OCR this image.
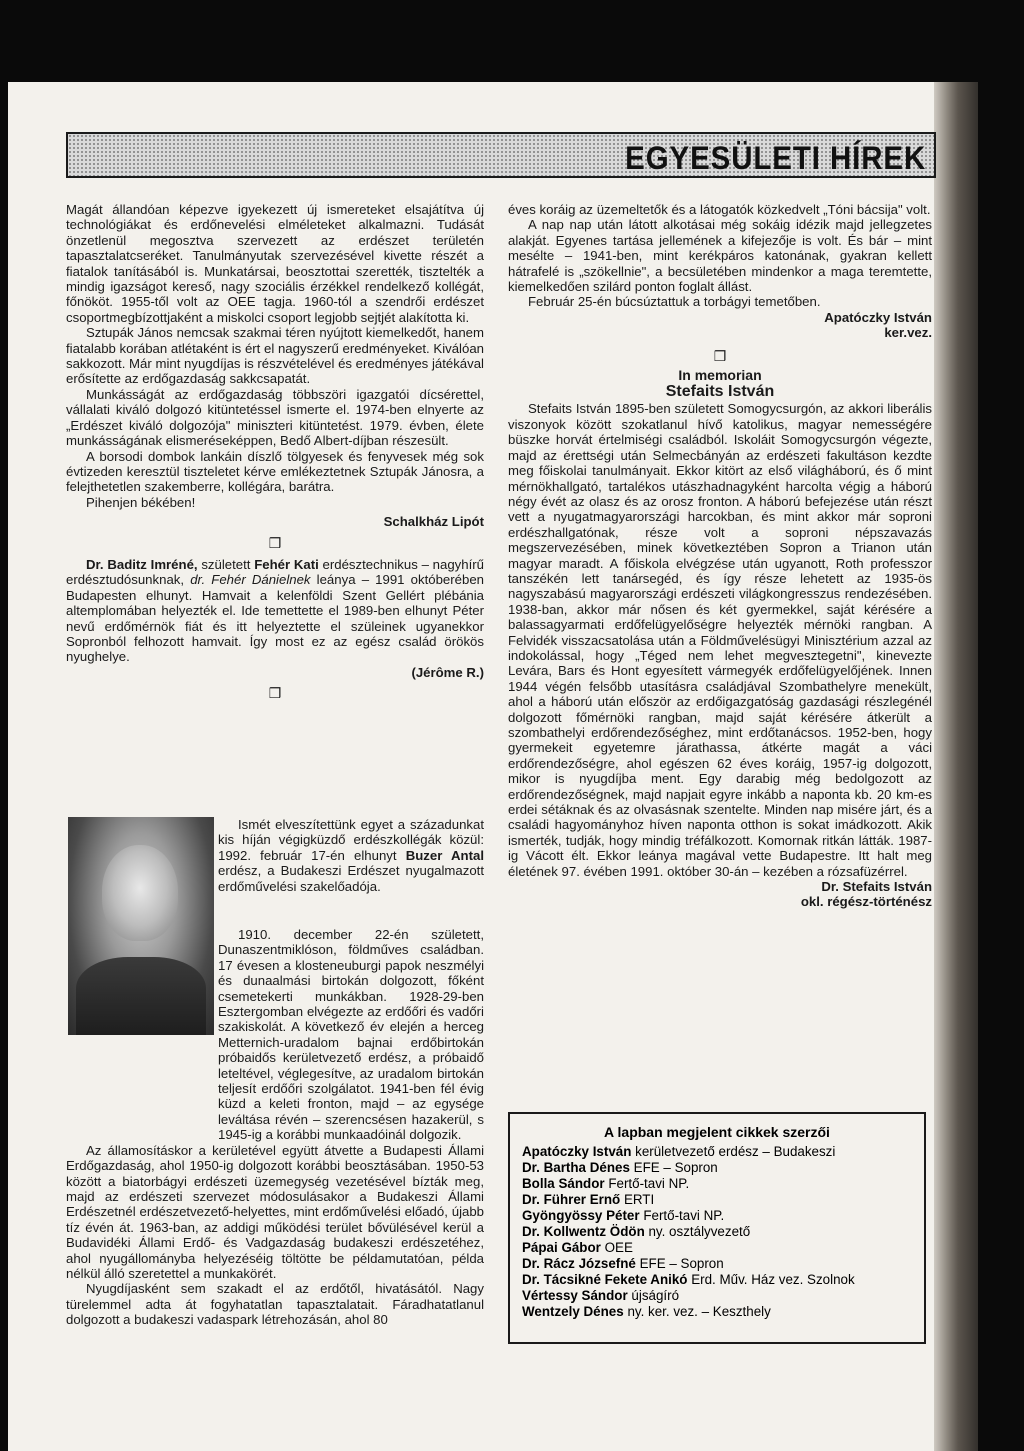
EGYESÜLETI HÍREK

Magát állandóan képezve igyekezett új ismereteket elsajátítva új technológiákat és erdőnevelési elméleteket alkalmazni. Tudását önzetlenül megosztva szervezett az erdészet területén tapasztalatcseréket. Tanulmányutak szervezésével kivette részét a fiatalok tanításából is. Munkatársai, beosztottai szerették, tisztelték a mindig igazságot kereső, nagy szociális érzékkel rendelkező kollégát, főnököt. 1955-től volt az OEE tagja. 1960-tól a szendrői erdészet csoportmegbízottjaként a miskolci csoport legjobb sejtjét alakította ki.

Sztupák János nemcsak szakmai téren nyújtott kiemelkedőt, hanem fiatalabb korában atlétaként is ért el nagyszerű eredményeket. Kiválóan sakkozott. Már mint nyugdíjas is részvételével és eredményes játékával erősítette az erdőgazdaság sakkcsapatát.

Munkásságát az erdőgazdaság többszöri igazgatói dícsérettel, vállalati kiváló dolgozó kitüntetéssel ismerte el. 1974-ben elnyerte az „Erdészet kiváló dolgozója" miniszteri kitüntetést. 1979. évben, élete munkásságának elismeréseképpen, Bedő Albert-díjban részesült.

A borsodi dombok lankáin díszlő tölgyesek és fenyvesek még sok évtizeden keresztül tiszteletet kérve emlékeztetnek Sztupák Jánosra, a felejthetetlen szakemberre, kollégára, barátra.

Pihenjen békében!

Schalkház Lipót

❒

Dr. Baditz Imréné, született Fehér Kati erdésztechnikus – nagyhírű erdésztudósunknak, dr. Fehér Dánielnek leánya – 1991 októberében Budapesten elhunyt. Hamvait a kelenföldi Szent Gellért plébánia altemplomában helyezték el. Ide temettette el 1989-ben elhunyt Péter nevű erdőmérnök fiát és itt helyeztette el szüleinek ugyanekkor Sopronból felhozott hamvait. Így most ez az egész család örökös nyughelye.

(Jérôme R.)

❒

Ismét elveszítettünk egyet a századunkat kis híján végigküzdő erdészkollégák közül: 1992. február 17-én elhunyt Buzer Antal erdész, a Budakeszi Erdészet nyugalmazott erdőművelési szakelőadója.

1910. december 22-én született, Dunaszentmiklóson, földműves családban. 17 évesen a klosteneuburgi papok neszmélyi és dunaalmási birtokán dolgozott, főként csemetekerti munkákban. 1928-29-ben Esztergomban elvégezte az erdőőri és vadőri szakiskolát. A következő év elején a herceg Metternich-uradalom bajnai erdőbirtokán próbaidős kerületvezető erdész, a próbaidő leteltével, véglegesítve, az uradalom birtokán teljesít erdőőri szolgálatot. 1941-ben fél évig küzd a keleti fronton, majd – az egysége leváltása révén – szerencsésen hazakerül, s 1945-ig a korábbi munkaadóinál dolgozik.

Az államosításkor a kerületével együtt átvette a Budapesti Állami Erdőgazdaság, ahol 1950-ig dolgozott korábbi beosztásában. 1950-53 között a biatorbágyi erdészeti üzemegység vezetésével bízták meg, majd az erdészeti szervezet módosulásakor a Budakeszi Állami Erdészetnél erdészetvezető-helyettes, mint erdőművelési előadó, újabb tíz évén át. 1963-ban, az addigi működési terület bővülésével kerül a Budavidéki Állami Erdő- és Vadgazdaság budakeszi erdészetéhez, ahol nyugállományba helyezéséig töltötte be példamutatóan, példa nélkül álló szeretettel a munkakörét.

Nyugdíjasként sem szakadt el az erdőtől, hivatásától. Nagy türelemmel adta át fogyhatatlan tapasztalatait. Fáradhatatlanul dolgozott a budakeszi vadaspark létrehozásán, ahol 80

éves koráig az üzemeltetők és a látogatók közkedvelt „Tóni bácsija" volt.

A nap nap után látott alkotásai még sokáig idézik majd jellegzetes alakját. Egyenes tartása jellemének a kifejezője is volt. És bár – mint mesélte – 1941-ben, mint kerékpáros katonának, gyakran kellett hátrafelé is „szökellnie", a becsületében mindenkor a maga teremtette, kiemelkedően szilárd ponton foglalt állást.

Február 25-én búcsúztattuk a torbágyi temetőben.

Apatóczky István

ker.vez.

❒

In memorian

Stefaits István

Stefaits István 1895-ben született Somogycsurgón, az akkori liberális viszonyok között szokatlanul hívő katolikus, magyar nemességére büszke horvát értelmiségi családból. Iskoláit Somogycsurgón végezte, majd az érettségi után Selmecbányán az erdészeti fakultáson kezdte meg főiskolai tanulmányait. Ekkor kitört az első világháború, és ő mint mérnökhallgató, tartalékos utászhadnagyként harcolta végig a háború négy évét az olasz és az orosz fronton. A háború befejezése után részt vett a nyugatmagyarországi harcokban, és mint akkor már soproni erdészhallgatónak, része volt a soproni népszavazás megszervezésében, minek következtében Sopron a Trianon után magyar maradt. A főiskola elvégzése után ugyanott, Roth professzor tanszékén lett tanársegéd, és így része lehetett az 1935-ös nagyszabású magyarországi erdészeti világkongresszus rendezésében. 1938-ban, akkor már nősen és két gyermekkel, saját kérésére a balassagyarmati erdőfelügyelőségre helyezték mérnöki rangban. A Felvidék visszacsatolása után a Földművelésügyi Minisztérium azzal az indokolással, hogy „Téged nem lehet megvesztegetni", kinevezte Levára, Bars és Hont egyesített vármegyék erdőfelügyelőjének. Innen 1944 végén felsőbb utasításra családjával Szombathelyre menekült, ahol a háború után először az erdőigazgatóság gazdasági részlegénél dolgozott főmérnöki rangban, majd saját kérésére átkerült a szombathelyi erdőrendezőséghez, mint erdőtanácsos. 1952-ben, hogy gyermekeit egyetemre járathassa, átkérte magát a váci erdőrendezőségre, ahol egészen 62 éves koráig, 1957-ig dolgozott, mikor is nyugdíjba ment. Egy darabig még bedolgozott az erdőrendezőségnek, majd napjait egyre inkább a naponta kb. 20 km-es erdei sétáknak és az olvasásnak szentelte. Minden nap misére járt, és a családi hagyományhoz híven naponta otthon is sokat imádkozott. Akik ismerték, tudják, hogy mindig tréfálkozott. Komornak ritkán látták. 1987-ig Vácott élt. Ekkor leánya magával vette Budapestre. Itt halt meg életének 97. évében 1991. október 30-án – kezében a rózsafüzérrel.

Dr. Stefaits István

okl. régész-történész

A lapban megjelent cikkek szerzői
Apatóczky István kerületvezető erdész – Budakeszi
Dr. Bartha Dénes EFE – Sopron
Bolla Sándor Fertő-tavi NP.
Dr. Führer Ernő ERTI
Gyöngyössy Péter Fertő-tavi NP.
Dr. Kollwentz Ödön ny. osztályvezető
Pápai Gábor OEE
Dr. Rácz Józsefné EFE – Sopron
Dr. Tácsikné Fekete Anikó Erd. Műv. Ház vez. Szolnok
Vértessy Sándor újságíró
Wentzely Dénes ny. ker. vez. – Keszthely
